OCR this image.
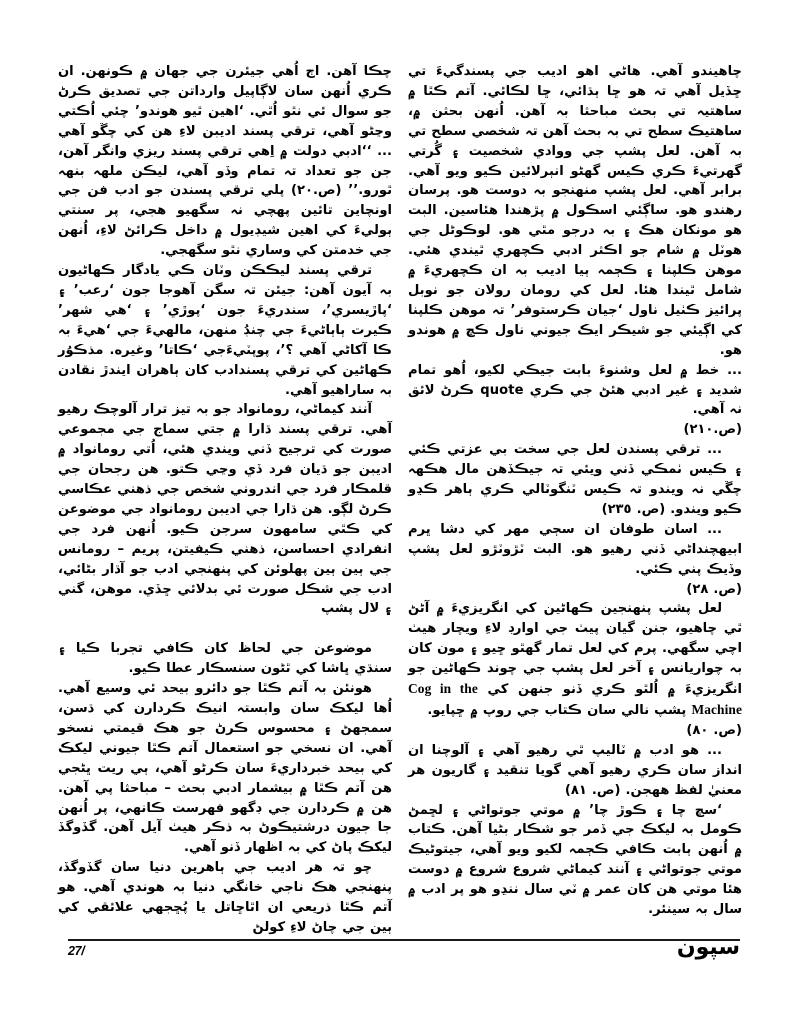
چڪا آهن. اڄ اُهي جيئرن جي جهان ۾ ڪونهن. ان ڪري اُنهن سان لاڳاپيل وارداتن جي تصديق ڪرڻ جو سوال ئي نٿو اُٿي. ‘اهين ٿيو هوندو’ چئي اُڪتي وڃڻو آهي، ترقي پسند اديبن لاءِ هن کي چڱو آهي ... ‘‘ادبي دولت ۾ اِهي ترقي پسند ريزي وانگر آهن، جن جو تعداد تہ تمام وڏو آهي، ليڪن ملهہ بنهہ ٿورو.’’ (ص.٢٠) پلي ترقي پسندن جو ادب فن جي اونچاين تائين پهچي نہ سگهيو هجي، پر سنتي ٻوليءَ کي اهين شيڊيول ۾ داخل ڪرائڻ لاءِ، اُنهن جي خدمتن کي وساري نٿو سگهجي.

ترقي پسند ليڪڪن وٽان ڪي يادگار ڪهاڻيون بہ آيون آهن: جيئن تہ سگن آهوجا جون ‘رعب’ ۽ ‘پاڙيسري’، سندريءَ جون ‘پوڙي’ ۽ ‘هي شهر’ ڪيرت ٻاٻاڻيءَ جي چنڊُ منهن، مالهيءَ جي ‘هيءَ بہ ڪا آکاڻي آهي ؟’، پوپٽيءَجي ‘ڪاتا’ وغيره. مذڪوُر ڪهاڻين کي ترقي پسندادب کان ٻاهران ايندڙ نقادن بہ ساراهيو آهي.

آنند کيماڻي، رومانواد جو بہ تيز ترار آلوچڪ رهيو آهي. ترقي پسند ڌارا ۾ جتي سماج جي مجموعي صورت کي ترجيح ڏني ويندي هئي، اُتي رومانواد ۾ اديبن جو ڌيان فرد ڏي وڃي ڪتو. هن رجحان جي قلمڪار فرد جي اندروني شخص جي ذهني عڪاسي ڪرڻ لڳو. هن ڌارا جي اديبن رومانواد جي موضوعن کي ڪٿي سامهون سرجن ڪيو. اُنهن فرد جي انفرادي احساسن، ذهني ڪيفيتن، پريم – رومانس جي ٻين ٻين پهلوئن کي پنهنجي ادب جو آڌار بڻائي، ادب جي شڪل صورت ئي بدلائي ڇڏي. موهن، گني ۽ لال پشپ

موضوعن جي لحاظ کان ڪافي تجربا ڪيا ۽ سنڌي ڀاشا کي ٿڻون سنسڪار عطا ڪيو.

هونئن بہ آتم ڪٿا جو دائرو بيحد ئي وسيع آهي. اُها ليکڪ سان وابستہ انيڪ ڪردارن کي ڌسن، سمجهڻ ۽ محسوس ڪرڻ جو هڪ قيمتي نسخو آهي. ان نسخي جو استعمال آتم ڪٿا جيوني ليکڪ کي بيحد خبرداريءَ سان ڪرڻو آهي، ٻي ريت ڀڻجي هن آتم ڪٿا ۾ بيشمار ادبي بحث – مباحثا پي آهن. هن ۾ ڪردارن جي ڊگهو فهرست ڪانهي، پر اُنهن جا جيون درشتيڪوڻ بہ ذڪر هيٺ آيل آهن. گڏوگڏ ليکڪ پاڻ کي بہ اظهار ڏنو آهي.

چو تہ هر اديب جي ٻاهرين دنيا سان گڏوگڏ، پنهنجي هڪ ناجي خانگي دنيا بہ هوندي آهي. هو آتم ڪٿا ذريعي ان اٿاڇاتل يا پُڇجهي علائقي کي ٻين جي چاڻ لاءِ کولڻ

چاهيندو آهي. هاڻي اهو اديب جي پسندگيءَ تي ڇڏيل آهي تہ هو ڇا ٻڌائي، ڇا لڪائي. آتم ڪٿا ۾ ساهتيہ تي بحث مباحثا بہ آهن. اُنهن بحثن ۾، ساهتيڪ سطح تي بہ بحث آهن تہ شخصي سطح تي بہ آهن. لعل پشپ جي ووادي شخصيت ۽ گُرتي گهرتيءَ ڪري ڪيس گهٹو انٻرلائين ڪيو ويو آهي. برابر آهي. لعل پشپ منهنجو بہ دوست هو. پرسان رهندو هو. ساڳئي اسڪول ۾ پڙهندا هئاسين. البت هو مونکان هڪ ۽ بہ درجو مٿي هو. لوڪوڻل جي هوٽل ۾ شام جو اڪثر ادبي ڪچهري ٿيندي هئي. موهن ڪلپنا ۽ ڪڄمہ ٻيا اديب بہ ان ڪچهريءَ ۾ شامل ٿيندا هئا. لعل کي رومان رولان جو نوبل پرائيز ڪٺيل ناول ‘جيان ڪرستوفر’ تہ موهن ڪلپنا کي اڳيئي جو شيڪر ايڪ جيوني ناول ڪڇ ۾ هوندو هو.

... خط ۾ لعل وشنوءَ بابت جيڪي لکيو، اُهو تمام شديد ۽ غير ادبي هئڻ جي ڪري quote ڪرڻ لائق نہ آهي.

(ص.٢١٠)

... ترقي پسندن لعل جي سخت بي عزتي ڪئي ۽ ڪيس ٺمڪي ڏني ويئي تہ جيڪڏهن مال هڪهہ چڱي نہ ويندو تہ ڪيس ٽنگوٽالي ڪري ٻاهر ڪڍو ڪيو ويندو. (ص. ٢٣٥)

... اسان طوفان ان سڄي مهر کي دشا ڀرم ابيهچنداڻي ڏني رهيو هو. البت ٽڙوٽڙو لعل پشپ وڏيڪ پني ڪئي.

(ص. ٢٨)

لعل پشپ پنهنجين ڪهاڻين کي انگريزيءَ ۾ آڻڻ ٿي چاهيو، جنن گيان پيٺ جي اوارڊ لاءِ ويچار هيٺ اچي سگهي. پرم کي لعل تمار گهٿو ڇيو ۽ مون کان بہ چواريانس ۽ آخر لعل پشپ جي چوند ڪهاڻين جو انگريزيءَ ۾ اُلٿو ڪري ڏنو جنهن کي Cog in the Machine پشپ نالي سان ڪتاب جي روپ ۾ ڇپايو.

(ص. ٨٠)

... هو ادب ۾ ٽاليپ ٿي رهيو آهي ۽ آلوچنا ان انداز سان ڪري رهيو آهي گويا تنقيد ۽ گاريون هر معنيٰ لفظ ههجن. (ص. ٨١)

‘سچ چا ۽ ڪوڙ چا’ ۾ موتي جوتواڻي ۽ لڇمڻ ڪومل بہ ليکڪ جي ڏمر جو شڪار بڻيا آهن. ڪتاب ۾ اُنهن ٻابت ڪافي ڪڄمہ لکيو ويو آهي، جيتوڻيڪ موتي جوتواڻي ۽ آنند کيماڻي شروع شروع ۾ دوست هئا موتي هن کان عمر ۾ ٽي سال ننڍو هو پر ادب ۾ سال بہ سينئر.

27/	سپون
